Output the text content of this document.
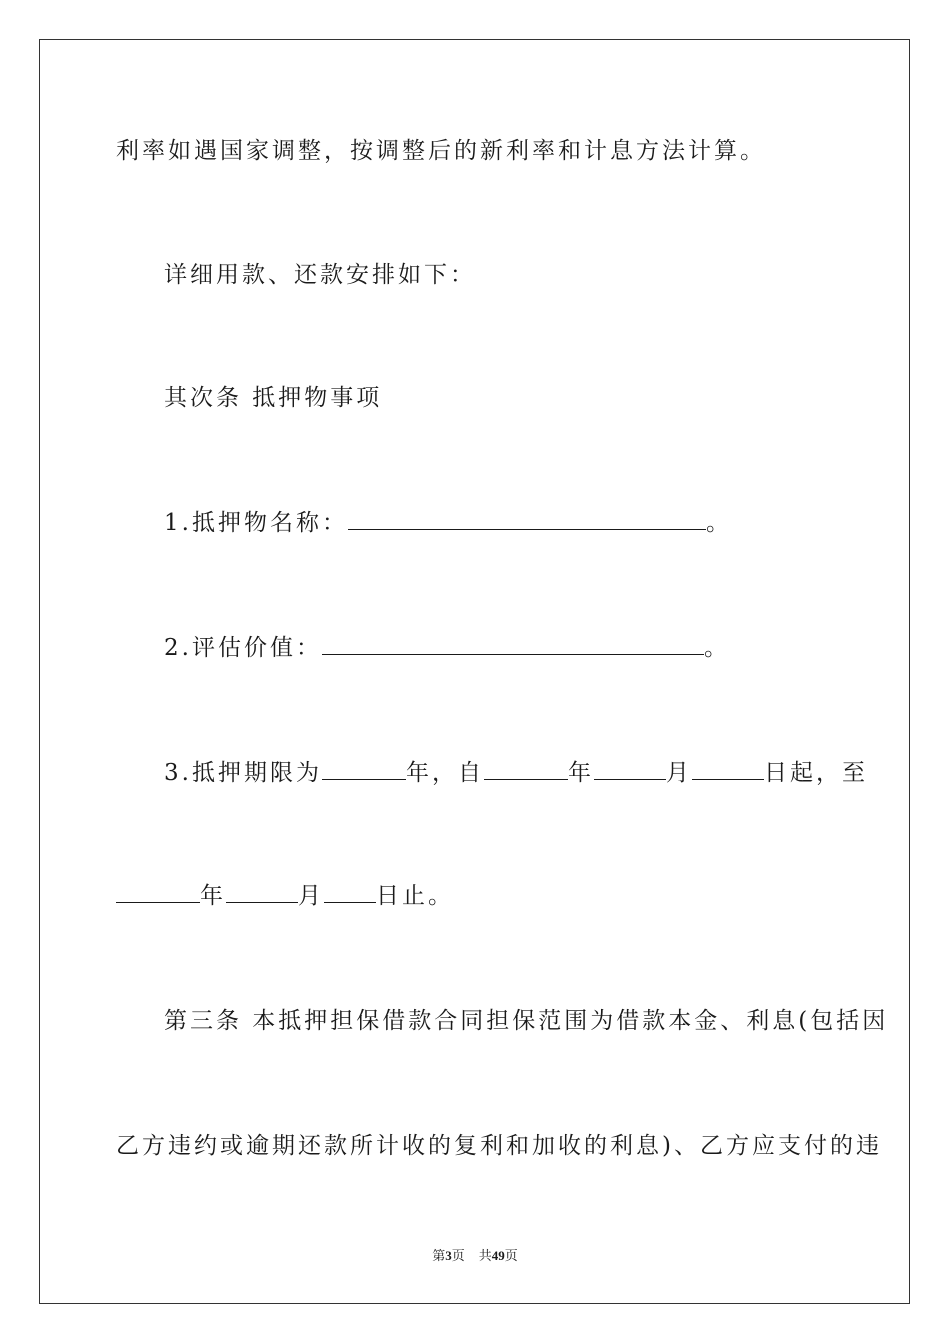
利率如遇国家调整，按调整后的新利率和计息方法计算。
详细用款、还款安排如下：
其次条 抵押物事项
1.抵押物名称：	。
2.评估价值：	。
3.抵押期限为	年，自	年	月	日起，至
年	月 日止。
第三条 本抵押担保借款合同担保范围为借款本金、利息(包括因
乙方违约或逾期还款所计收的复利和加收的利息)、乙方应支付的违
第3页 共49页
